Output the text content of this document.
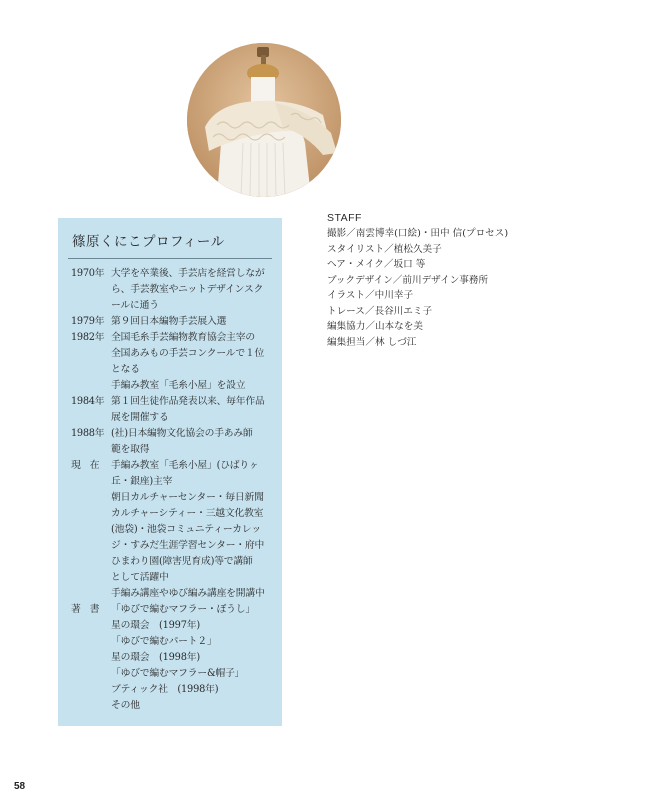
篠原くにこプロフィール
1970年 大学を卒業後、手芸店を経営しなが
ら、手芸教室やニットデザインスク
ールに通う
1979年 第９回日本編物手芸展入選
1982年 全国毛糸手芸編物教育協会主宰の
全国あみもの手芸コンクールで１位
となる
手編み教室「毛糸小屋」を設立
1984年 第１回生徒作品発表以来、毎年作品
展を開催する
1988年 (社)日本編物文化協会の手あみ師
範を取得
現在 手編み教室「毛糸小屋」(ひばりヶ
丘・銀座)主宰
朝日カルチャーセンター・毎日新聞
カルチャーシティー・三越文化教室
(池袋)・池袋コミュニティーカレッ
ジ・すみだ生涯学習センター・府中
ひまわり園(障害児育成)等で講師
として活躍中
手編み講座やゆび編み講座を開講中
著書 「ゆびで編むマフラー・ぼうし」
星の環会　(1997年)
「ゆびで編むパート２」
星の環会　(1998年)
「ゆびで編むマフラー&帽子」
ブティック社　(1998年)
その他
STAFF
撮影／南雲博幸(口絵)・田中 信(プロセス)
スタイリスト／植松久美子
ヘア・メイク／坂口 等
ブックデザイン／前川デザイン事務所
イラスト／中川幸子
トレース／長谷川エミ子
編集協力／山本なを美
編集担当／林 しづ江
58
